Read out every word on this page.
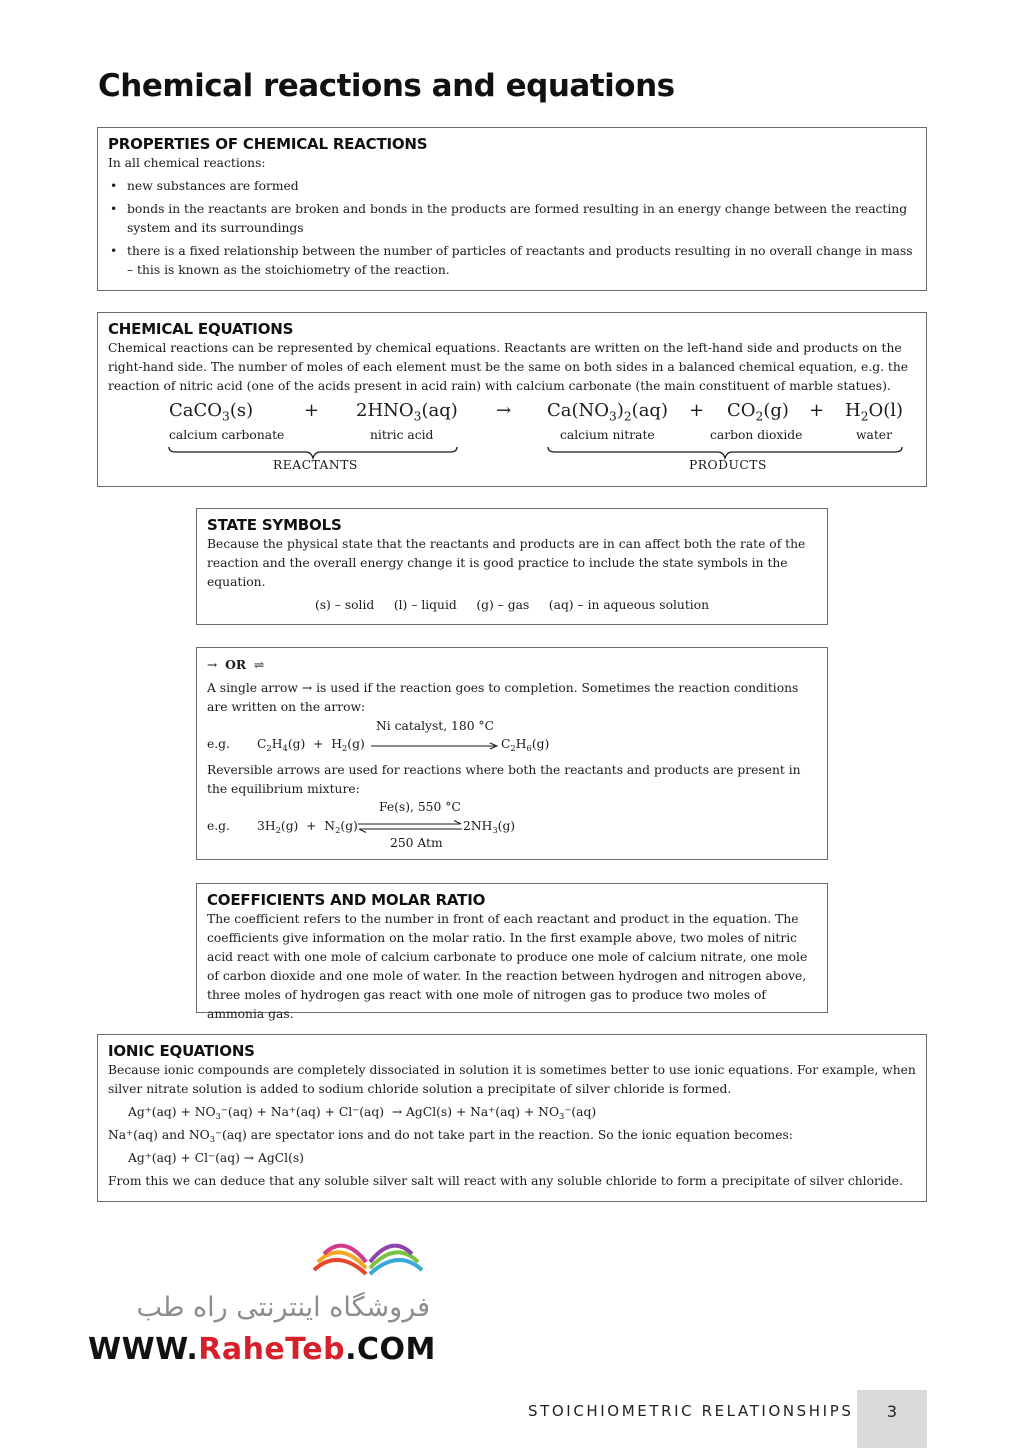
Chemical reactions and equations
PROPERTIES OF CHEMICAL REACTIONS

In all chemical reactions:

• new substances are formed
• bonds in the reactants are broken and bonds in the products are formed resulting in an energy change between the reacting system and its surroundings
• there is a fixed relationship between the number of particles of reactants and products resulting in no overall change in mass – this is known as the stoichiometry of the reaction.
CHEMICAL EQUATIONS

Chemical reactions can be represented by chemical equations. Reactants are written on the left-hand side and products on the right-hand side. The number of moles of each element must be the same on both sides in a balanced chemical equation, e.g. the reaction of nitric acid (one of the acids present in acid rain) with calcium carbonate (the main constituent of marble statues).

CaCO$_3$(s)	+ $2HNO_3(aq) \to Ca(NO_3)_2(aq) + CO_2(g) + H_2O(l)$
calcium carbonate	nitric acid	calcium nitrate	carbon dioxide	water
REACTANTS	PRODUCTS
STATE SYMBOLS

Because the physical state that the reactants and products are in can affect both the rate of the reaction and the overall energy change it is good practice to include the state symbols in the equation.

(s) – solid     (l) – liquid     (g) – gas     (aq) – in aqueous solution

→ OR ⇌

A single arrow → is used if the reaction goes to completion. Sometimes the reaction conditions are written on the arrow:

e.g. $C_2H_4(g) + H_2(g)$
Ni catalyst, 180 °C
$C_2H_6(g)$

Reversible arrows are used for reactions where both the reactants and products are present in the equilibrium mixture:

e.g. $3H_2(g) + N_2(g)$
Fe(s), 550 °C
$2NH_3(g)$
250 Atm
COEFFICIENTS AND MOLAR RATIO

The coefficient refers to the number in front of each reactant and product in the equation. The coefficients give information on the molar ratio. In the first example above, two moles of nitric acid react with one mole of calcium carbonate to produce one mole of calcium nitrate, one mole of carbon dioxide and one mole of water. In the reaction between hydrogen and nitrogen above, three moles of hydrogen gas react with one mole of nitrogen gas to produce two moles of ammonia gas.

IONIC EQUATIONS

Because ionic compounds are completely dissociated in solution it is sometimes better to use ionic equations. For example, when silver nitrate solution is added to sodium chloride solution a precipitate of silver chloride is formed.

$Ag^+(aq) + NO_3^-(aq) + Na^+(aq) + Cl^-(aq)$  → AgCl(s) + $Na^+(aq) + NO_3^-(aq)$

Na+(aq) and $NO_3^-(aq)$ are spectator ions and do not take part in the reaction. So the ionic equation becomes:

Ag+(aq) + Cl−(aq) → AgCl(s)

From this we can deduce that any soluble silver salt will react with any soluble chloride to form a precipitate of silver chloride.

فروشگاه اینترنتی راه طب
WWW.RaheTeb.COM
STOICHIOMETRIC RELATIONSHIPS	3
